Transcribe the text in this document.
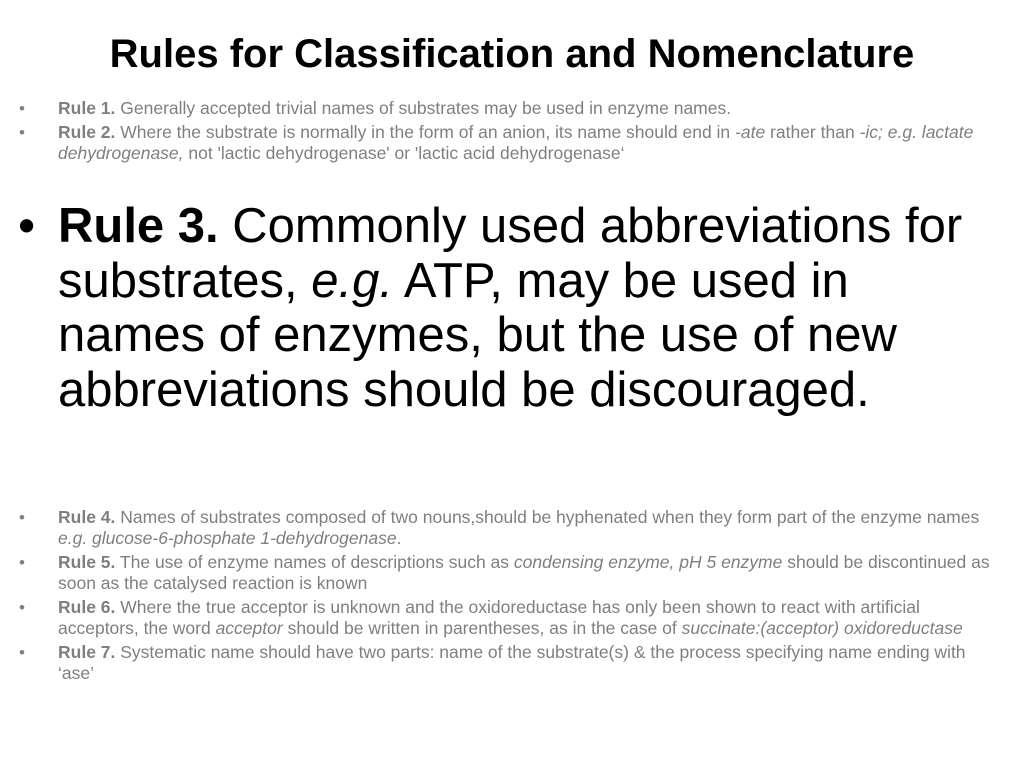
Rules for Classification and Nomenclature
• Rule 1. Generally accepted trivial names of substrates may be used in enzyme names.
• Rule 2. Where the substrate is normally in the form of an anion, its name should end in -ate rather than -ic; e.g. lactate dehydrogenase, not 'lactic dehydrogenase' or 'lactic acid dehydrogenase‘
• Rule 3. Commonly used abbreviations for substrates, e.g. ATP, may be used in names of enzymes, but the use of new abbreviations should be discouraged.
• Rule 4. Names of substrates composed of two nouns,should be hyphenated when they form part of the enzyme names e.g. glucose-6-phosphate 1-dehydrogenase.
• Rule 5. The use of enzyme names of descriptions such as condensing enzyme, pH 5 enzyme should be discontinued as soon as the catalysed reaction is known
• Rule 6. Where the true acceptor is unknown and the oxidoreductase has only been shown to react with artificial acceptors, the word acceptor should be written in parentheses, as in the case of succinate:(acceptor) oxidoreductase
• Rule 7. Systematic name should have two parts: name of the substrate(s) & the process specifying name ending with ‘ase’
